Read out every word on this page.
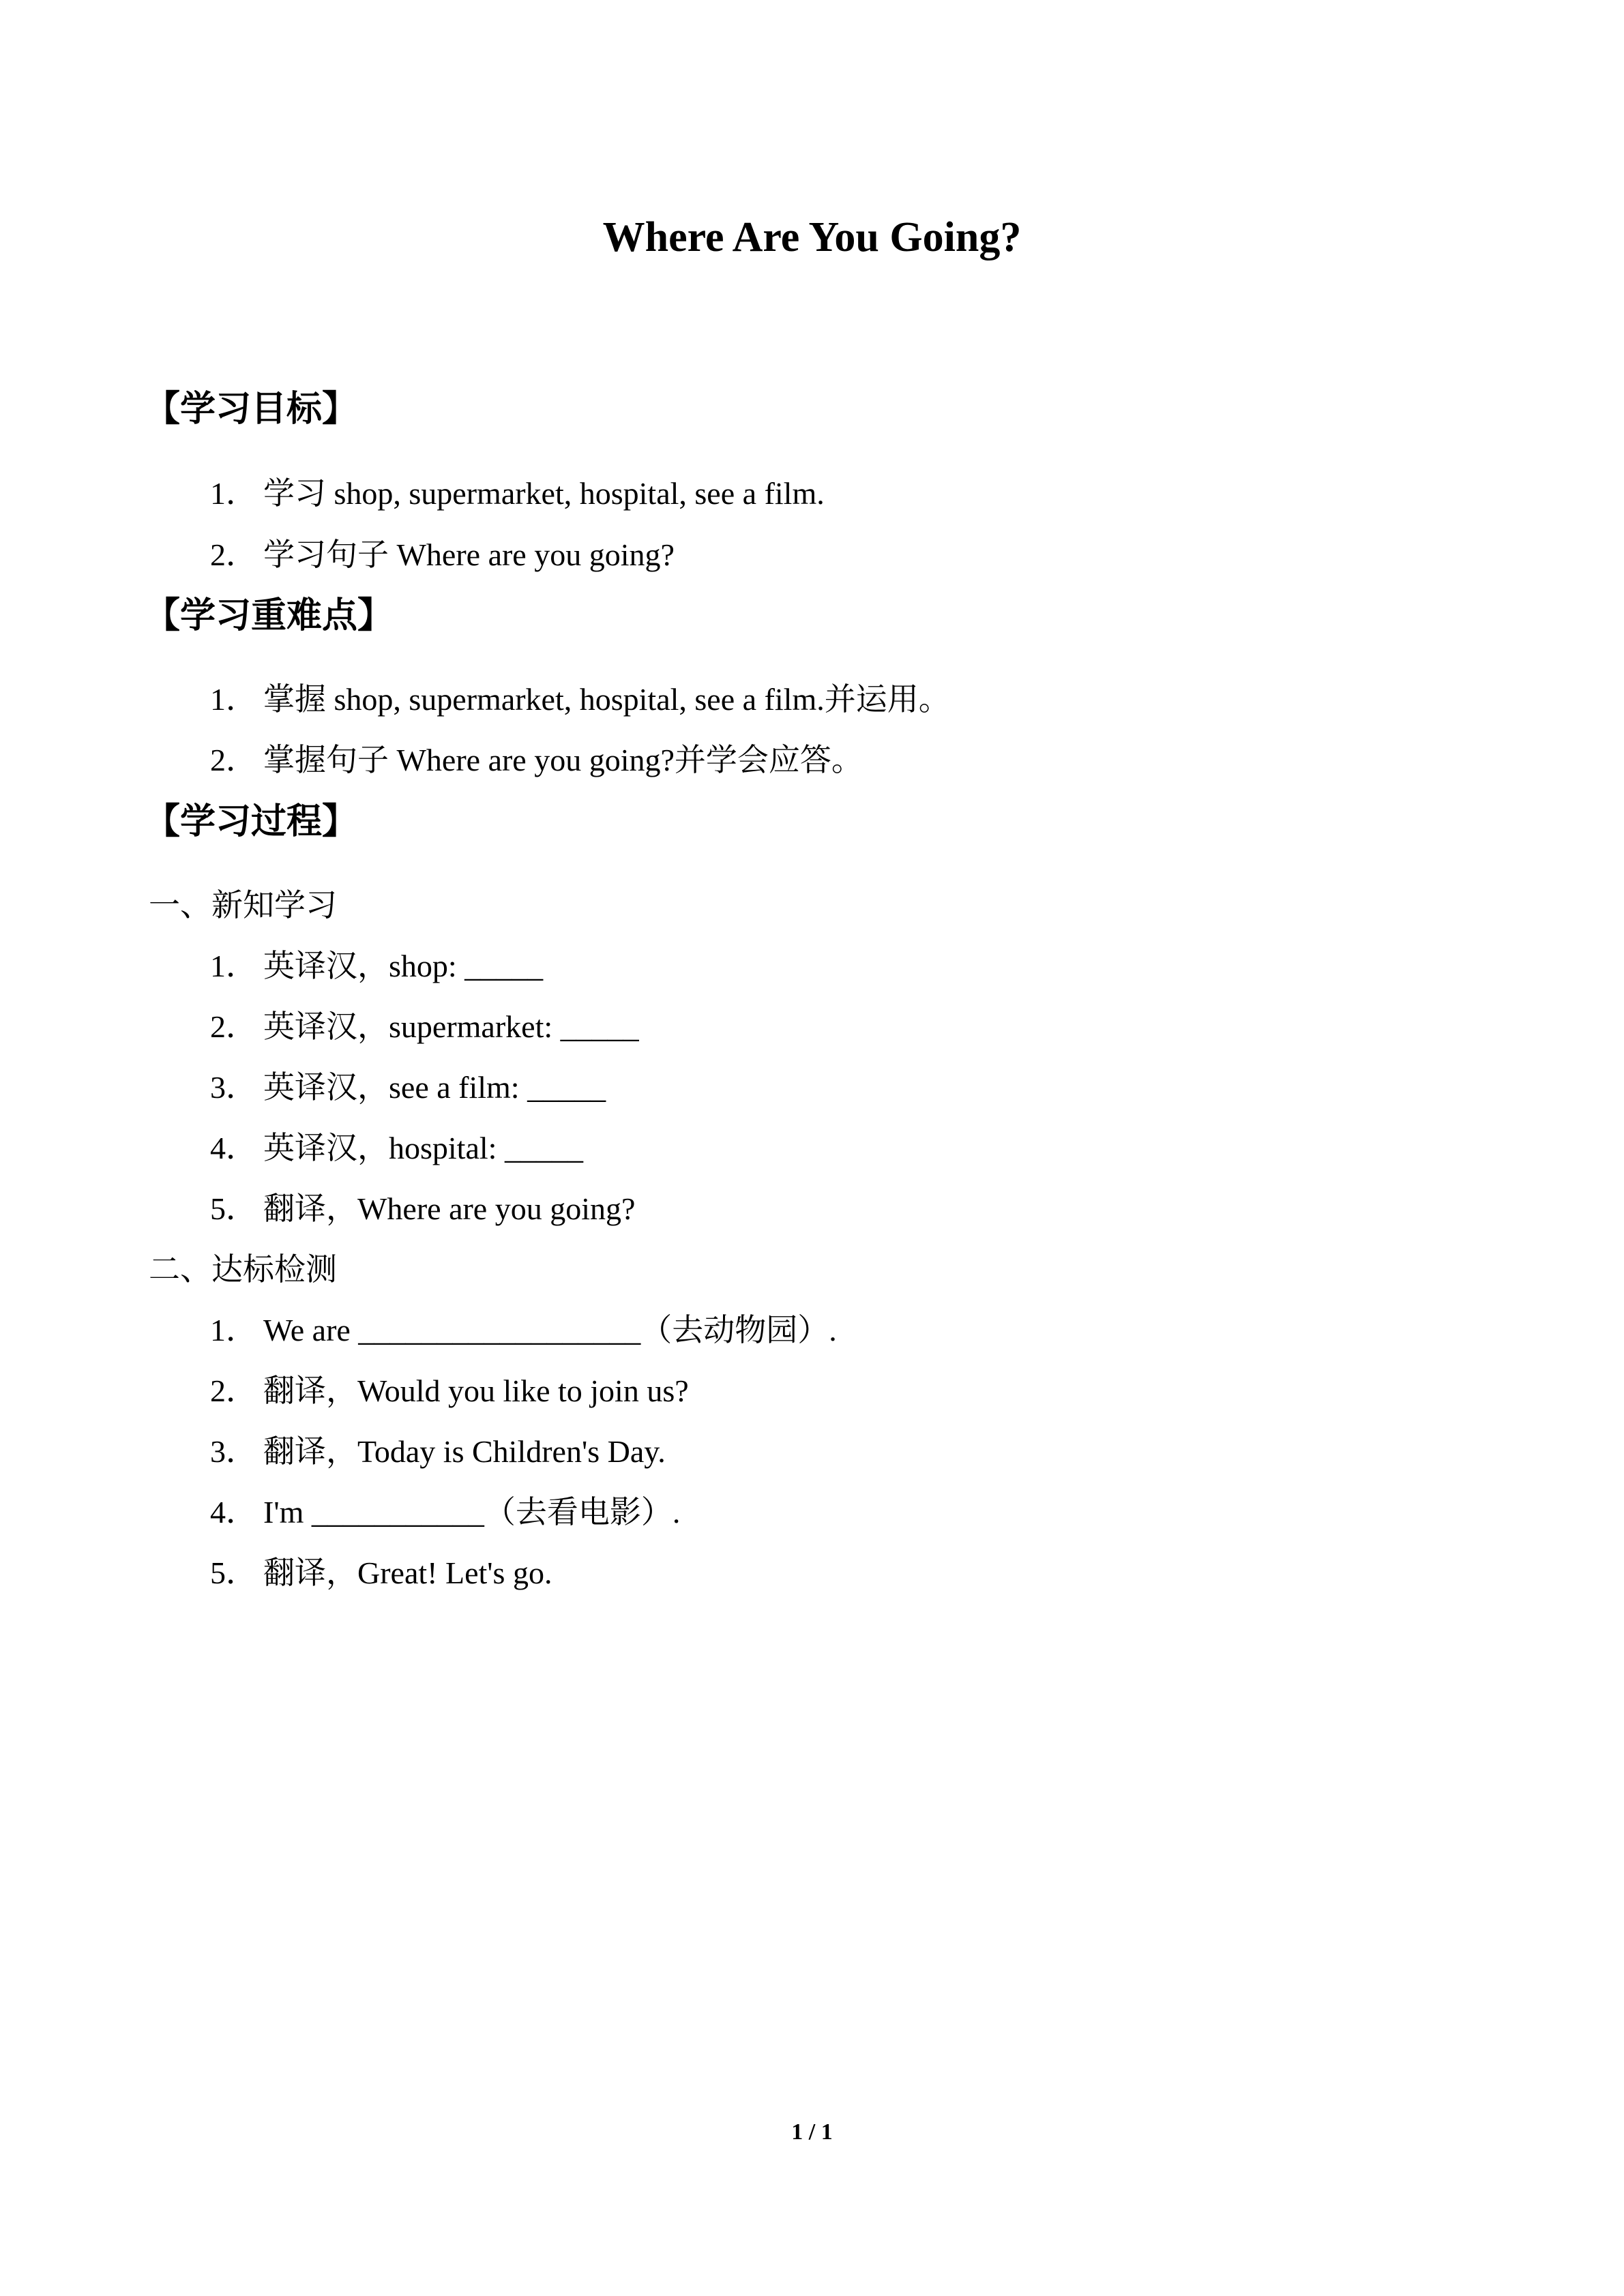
Where Are You Going?
【学习目标】
1． 学习 shop, supermarket, hospital, see a film.
2． 学习句子 Where are you going?
【学习重难点】
1． 掌握 shop, supermarket, hospital, see a film.并运用。
2． 掌握句子 Where are you going?并学会应答。
【学习过程】
一、新知学习
1． 英译汉，shop: _____
2． 英译汉，supermarket: _____
3． 英译汉，see a film: _____
4． 英译汉，hospital: _____
5． 翻译，Where are you going?
二、达标检测
1． We are __________________（去动物园）.
2． 翻译，Would you like to join us?
3． 翻译，Today is Children's Day.
4． I'm ___________（去看电影）.
5． 翻译，Great! Let's go.
1 / 1
